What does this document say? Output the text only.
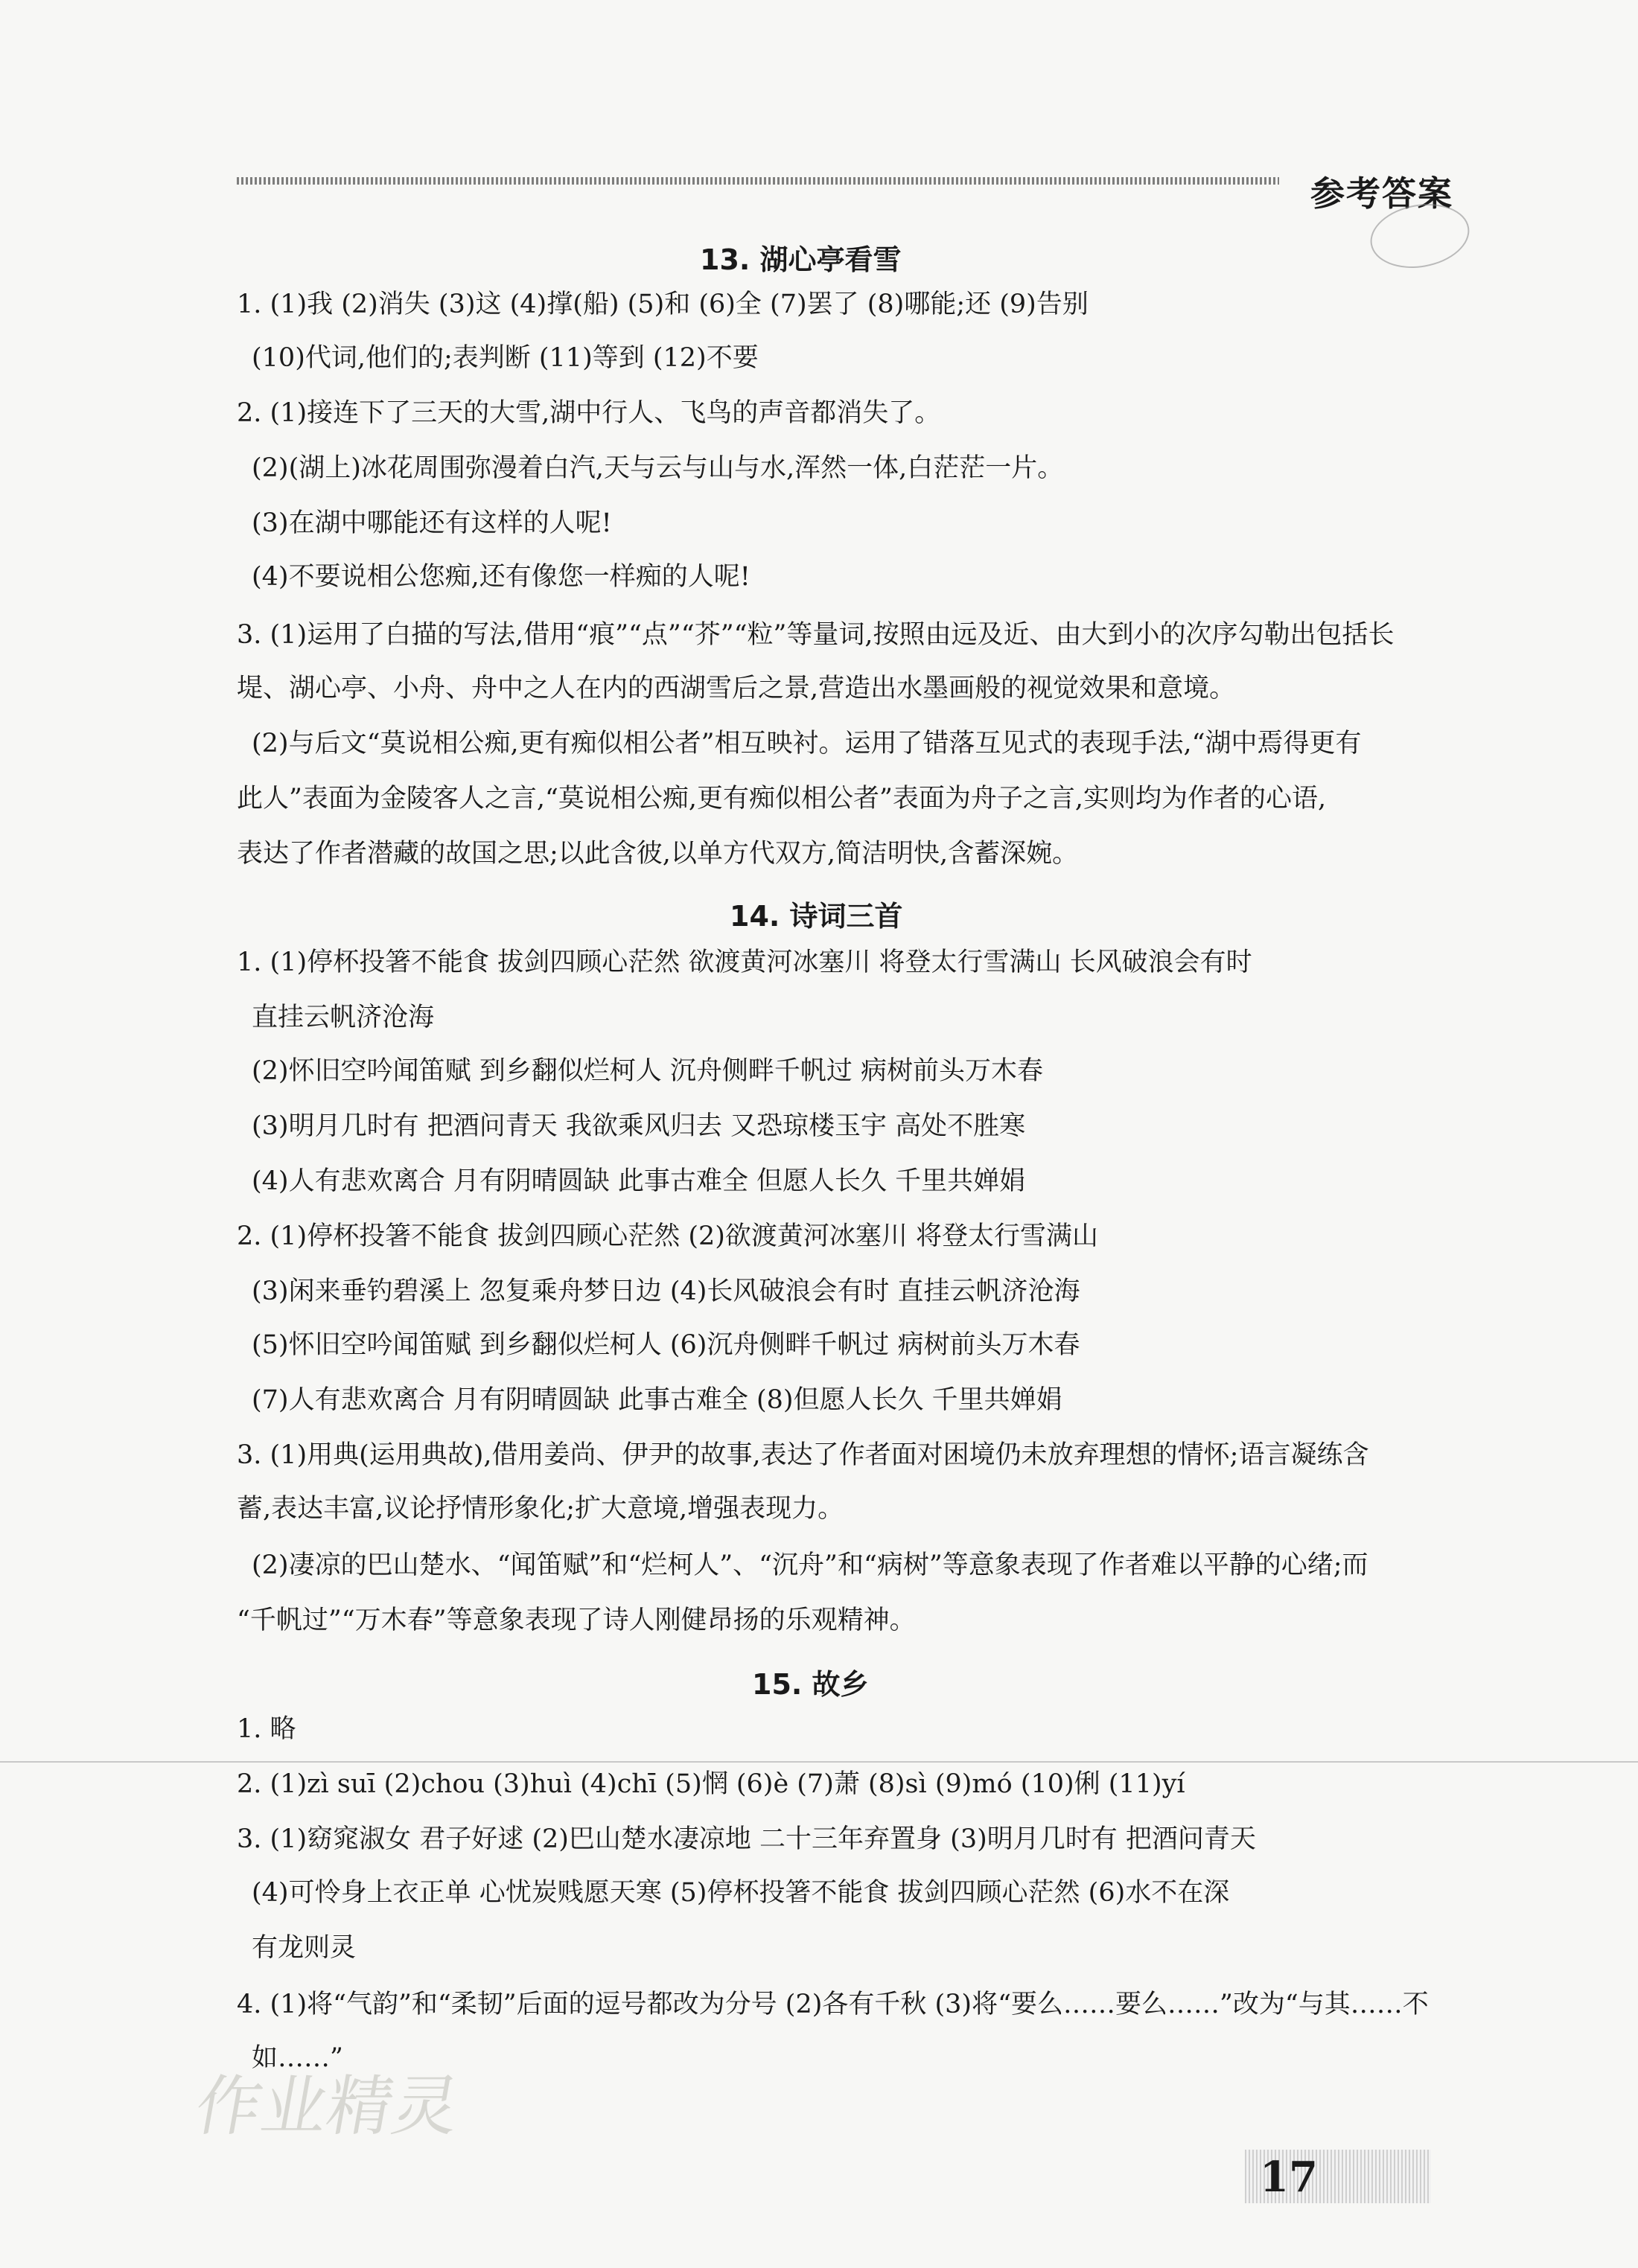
参考答案
13. 湖心亭看雪
1. (1)我 (2)消失 (3)这 (4)撑(船) (5)和 (6)全 (7)罢了 (8)哪能;还 (9)告别
(10)代词,他们的;表判断 (11)等到 (12)不要
2. (1)接连下了三天的大雪,湖中行人、飞鸟的声音都消失了。
(2)(湖上)冰花周围弥漫着白汽,天与云与山与水,浑然一体,白茫茫一片。
(3)在湖中哪能还有这样的人呢!
(4)不要说相公您痴,还有像您一样痴的人呢!
3. (1)运用了白描的写法,借用“痕”“点”“芥”“粒”等量词,按照由远及近、由大到小的次序勾勒出包括长
堤、湖心亭、小舟、舟中之人在内的西湖雪后之景,营造出水墨画般的视觉效果和意境。
(2)与后文“莫说相公痴,更有痴似相公者”相互映衬。运用了错落互见式的表现手法,“湖中焉得更有
此人”表面为金陵客人之言,“莫说相公痴,更有痴似相公者”表面为舟子之言,实则均为作者的心语,
表达了作者潜藏的故国之思;以此含彼,以单方代双方,简洁明快,含蓄深婉。
14. 诗词三首
1. (1)停杯投箸不能食 拔剑四顾心茫然 欲渡黄河冰塞川 将登太行雪满山 长风破浪会有时
直挂云帆济沧海
(2)怀旧空吟闻笛赋 到乡翻似烂柯人 沉舟侧畔千帆过 病树前头万木春
(3)明月几时有 把酒问青天 我欲乘风归去 又恐琼楼玉宇 高处不胜寒
(4)人有悲欢离合 月有阴晴圆缺 此事古难全 但愿人长久 千里共婵娟
2. (1)停杯投箸不能食 拔剑四顾心茫然 (2)欲渡黄河冰塞川 将登太行雪满山
(3)闲来垂钓碧溪上 忽复乘舟梦日边 (4)长风破浪会有时 直挂云帆济沧海
(5)怀旧空吟闻笛赋 到乡翻似烂柯人 (6)沉舟侧畔千帆过 病树前头万木春
(7)人有悲欢离合 月有阴晴圆缺 此事古难全 (8)但愿人长久 千里共婵娟
3. (1)用典(运用典故),借用姜尚、伊尹的故事,表达了作者面对困境仍未放弃理想的情怀;语言凝练含
蓄,表达丰富,议论抒情形象化;扩大意境,增强表现力。
(2)凄凉的巴山楚水、“闻笛赋”和“烂柯人”、“沉舟”和“病树”等意象表现了作者难以平静的心绪;而
“千帆过”“万木春”等意象表现了诗人刚健昂扬的乐观精神。
15. 故乡
1. 略
2. (1)zì suī (2)chou (3)huì (4)chī (5)惘 (6)è (7)萧 (8)sì (9)mó (10)俐 (11)yí
3. (1)窈窕淑女 君子好逑 (2)巴山楚水凄凉地 二十三年弃置身 (3)明月几时有 把酒问青天
(4)可怜身上衣正单 心忧炭贱愿天寒 (5)停杯投箸不能食 拔剑四顾心茫然 (6)水不在深
有龙则灵
4. (1)将“气韵”和“柔韧”后面的逗号都改为分号 (2)各有千秋 (3)将“要么……要么……”改为“与其……不
如……”
作业精灵
17
